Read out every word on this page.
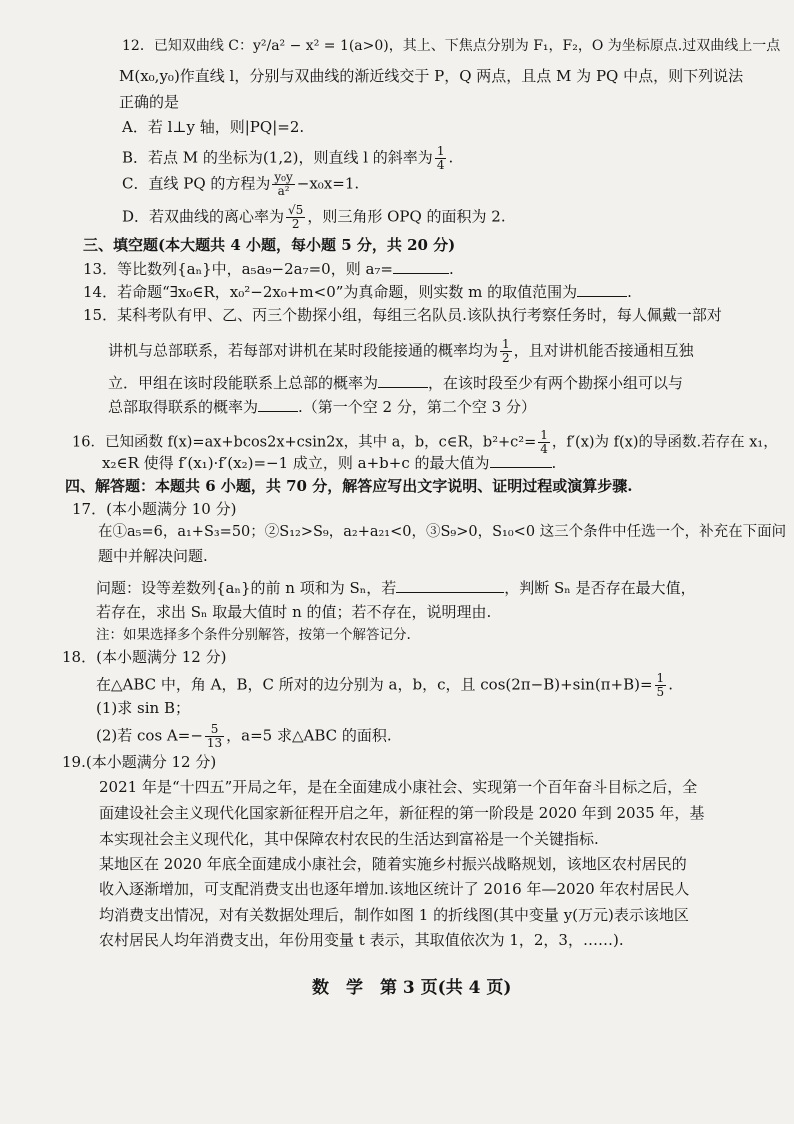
12．已知双曲线 C：y²/a² − x² = 1(a>0)，其上、下焦点分别为 F₁，F₂，O 为坐标原点.过双曲线上一点
M(x₀,y₀)作直线 l，分别与双曲线的渐近线交于 P，Q 两点，且点 M 为 PQ 中点，则下列说法
正确的是
A．若 l⊥y 轴，则|PQ|=2.
B．若点 M 的坐标为(1,2)，则直线 l 的斜率为 $\frac{1}{4}$ .
C．直线 PQ 的方程为 $\frac{\text{y₀y}}{\text{a²}} -x_0x=1$.
D．若双曲线的离心率为 $\frac{√5}{2}$ ，则三角形 OPQ 的面积为 2.
三、填空题(本大题共 4 小题，每小题 5 分，共 20 分)
13．等比数列{aₙ}中，a₅a₉−2a₇=0，则 a₇=	.
14．若命题“∃x₀∈R，x₀²−2x₀+m<0”为真命题，则实数 m 的取值范围为	.
15．某科考队有甲、乙、丙三个勘探小组，每组三名队员.该队执行考察任务时，每人佩戴一部对
讲机与总部联系，若每部对讲机在某时段能接通的概率均为 $\frac{1}{2}$ ，且对讲机能否接通相互独
立．甲组在该时段能联系上总部的概率为	，在该时段至少有两个勘探小组可以与
总部取得联系的概率为	.（第一个空 2 分，第二个空 3 分）
16．已知函数 f(x)=ax+bcos2x+csin2x，其中 a，b，c∈R，$b^2+c^2= \frac{1}{4}$ ，f′(x)为 f(x)的导函数.若存在 x₁，
x₂∈R 使得 f′(x₁)·f′(x₂)=−1 成立，则 a+b+c 的最大值为	.
四、解答题：本题共 6 小题，共 70 分，解答应写出文字说明、证明过程或演算步骤.
17．(本小题满分 10 分)
在①a₅=6，a₁+S₃=50；②S₁₂>S₉，a₂+a₂₁<0，③S₉>0，S₁₀<0 这三个条件中任选一个，补充在下面问
题中并解决问题.
问题：设等差数列{aₙ}的前 n 项和为 Sₙ，若	，判断 Sₙ 是否存在最大值，
若存在，求出 Sₙ 取最大值时 n 的值；若不存在，说明理由.
注：如果选择多个条件分别解答，按第一个解答记分.
18．(本小题满分 12 分)
在△ABC 中，角 A，B，C 所对的边分别为 a，b，c，且 $\cos(2\pi-B)+\sin(\pi+B)= \frac{1}{5}$ .
(1)求 sin B；
(2)若 $\cos A=- \frac{5}{13}$ ，a=5 求△ABC 的面积.
19.(本小题满分 12 分)
2021 年是“十四五”开局之年，是在全面建成小康社会、实现第一个百年奋斗目标之后，全
面建设社会主义现代化国家新征程开启之年，新征程的第一阶段是 2020 年到 2035 年，基
本实现社会主义现代化，其中保障农村农民的生活达到富裕是一个关键指标.
某地区在 2020 年底全面建成小康社会，随着实施乡村振兴战略规划，该地区农村居民的
收入逐渐增加，可支配消费支出也逐年增加.该地区统计了 2016 年—2020 年农村居民人
均消费支出情况，对有关数据处理后，制作如图 1 的折线图(其中变量 y(万元)表示该地区
农村居民人均年消费支出，年份用变量 t 表示，其取值依次为 1，2，3，……).
数　学　第 3 页(共 4 页)
